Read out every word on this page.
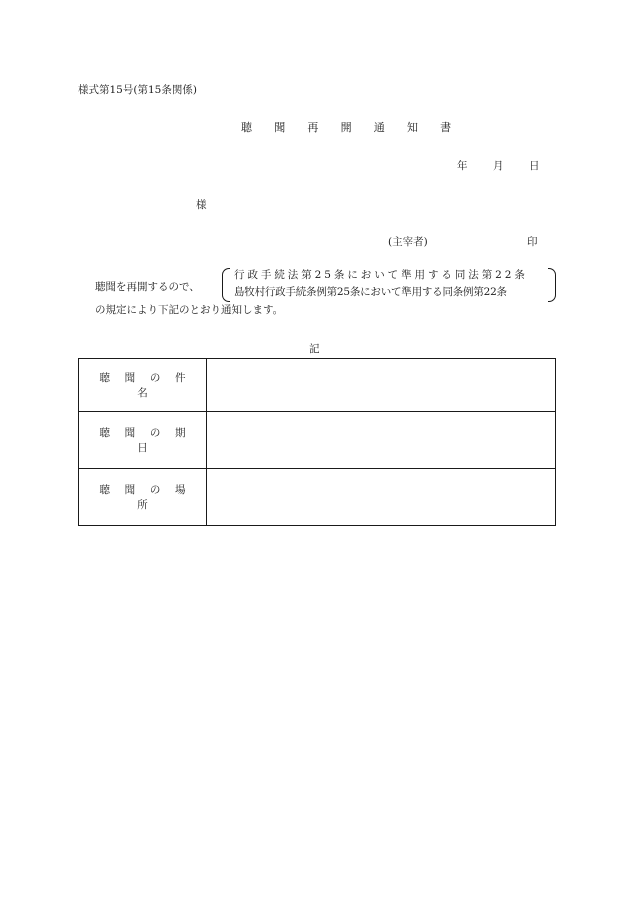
様式第15号(第15条関係)
聴 聞 再 開 通 知 書
年 月 日
様
(主宰者)	印
聴聞を再開するので、
行政手続法第25条において準用する同法第22条
島牧村行政手続条例第25条において準用する同条例第22条
の規定により下記のとおり通知します。
記
聴聞の件名	
聴聞の期日	
聴聞の場所	
